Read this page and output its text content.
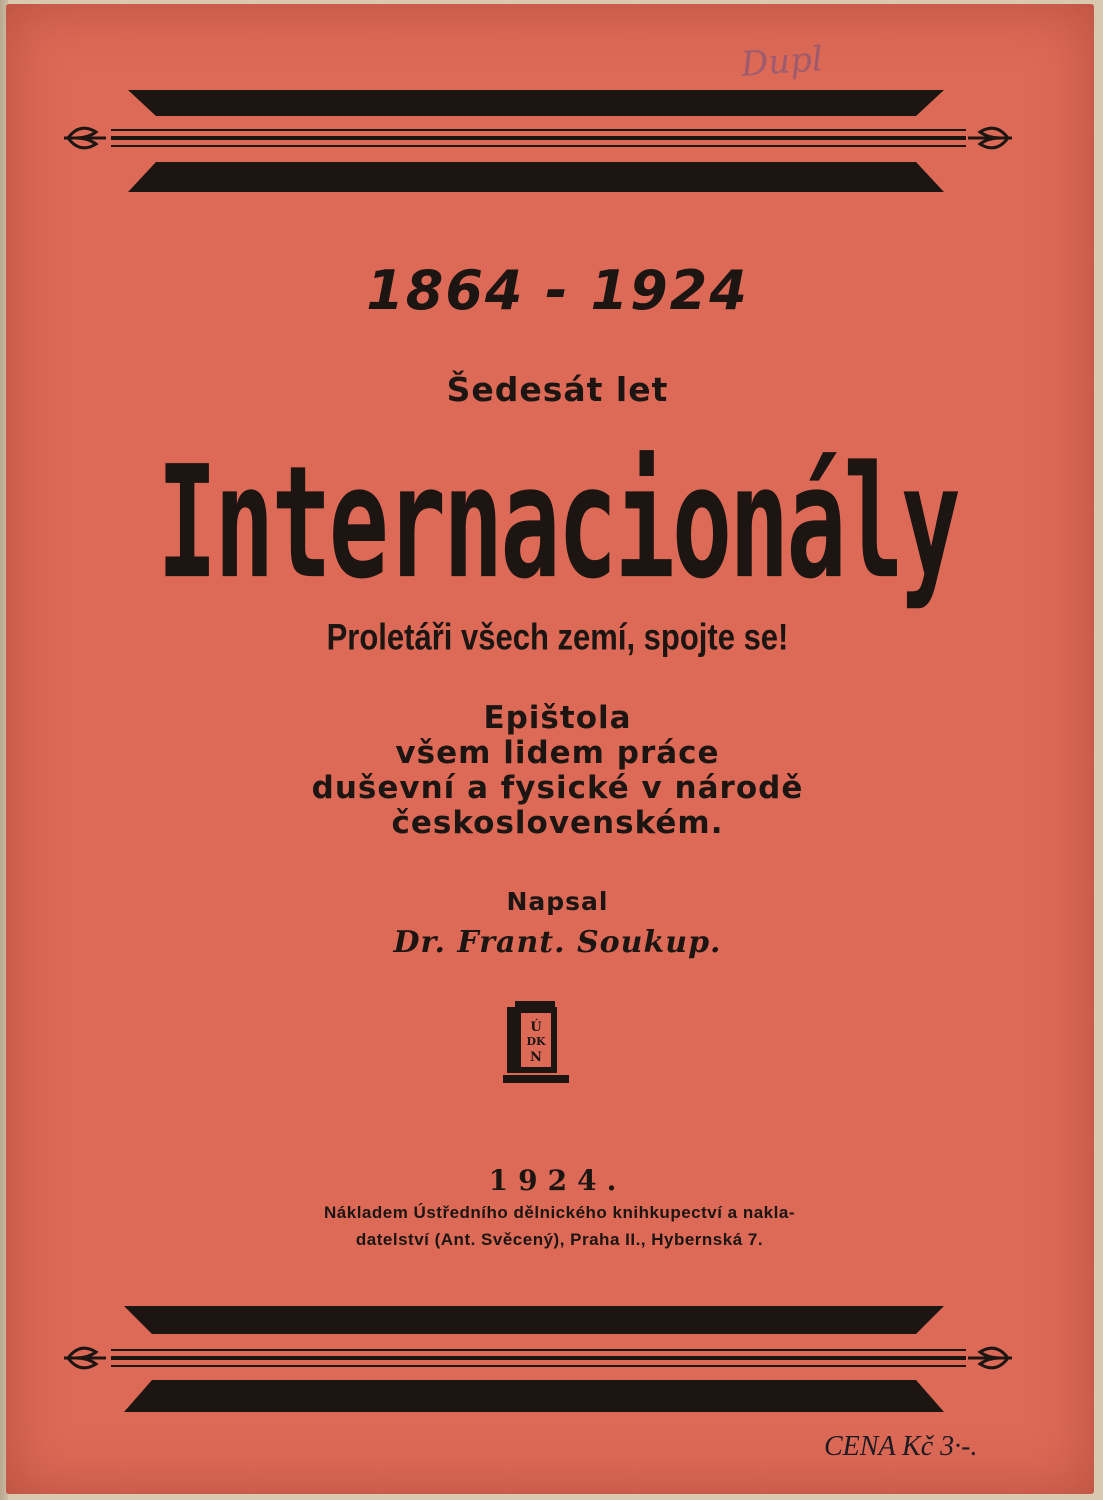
Dupl

1864 - 1924

Šedesát let

Internacionály

Proletáři všech zemí, spojte se!

Epištola

všem lidem práce

duševní a fysické v národě

československém.

Napsal

Dr. Frant. Soukup.

Ú
DK
N

1924.

Nákladem Ústředního dělnického knihkupectví a nakla-

datelství (Ant. Svěcený), Praha II., Hybernská 7.

CENA Kč 3·-.
